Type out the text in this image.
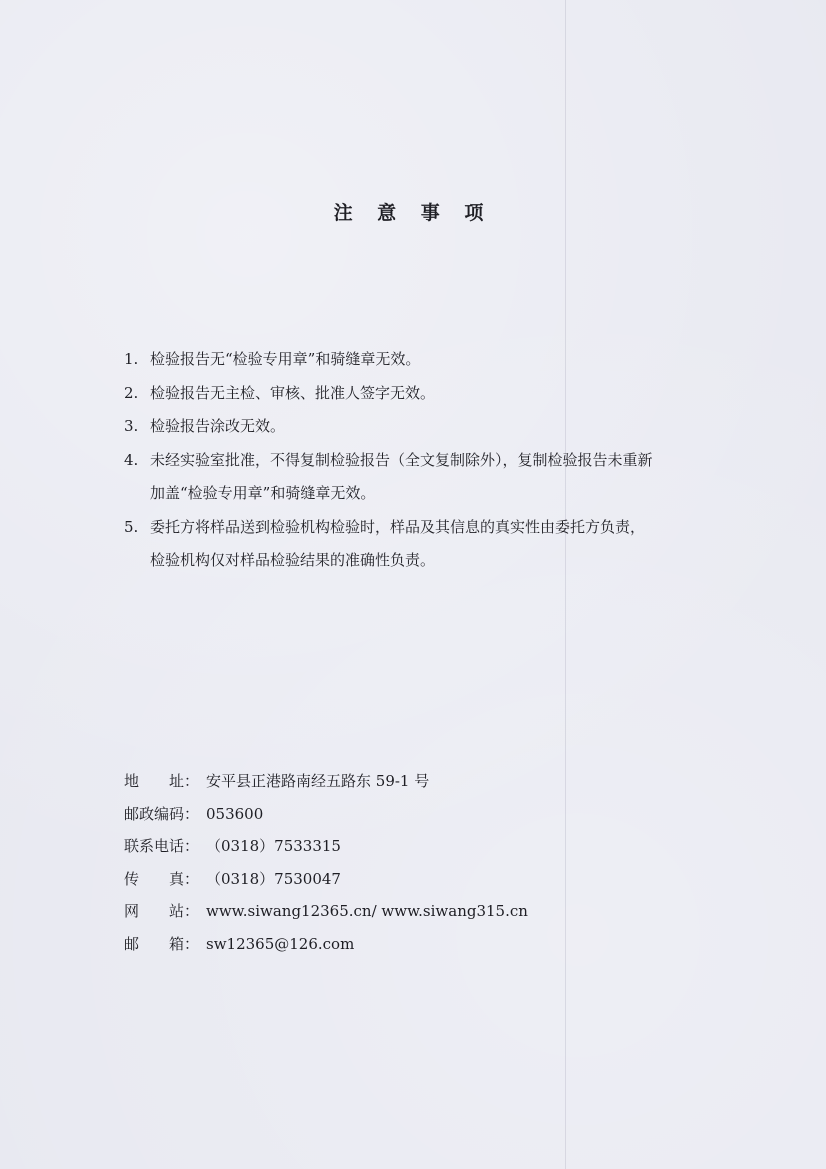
注 意 事 项
1. 检验报告无“检验专用章”和骑缝章无效。
2. 检验报告无主检、审核、批准人签字无效。
3. 检验报告涂改无效。
4. 未经实验室批准，不得复制检验报告（全文复制除外），复制检验报告未重新
加盖“检验专用章”和骑缝章无效。
5. 委托方将样品送到检验机构检验时，样品及其信息的真实性由委托方负责，
检验机构仅对样品检验结果的准确性负责。
地　　址： 安平县正港路南经五路东 59-1 号
邮政编码： 053600
联系电话： （0318）7533315
传　　真： （0318）7530047
网　　站： www.siwang12365.cn/ www.siwang315.cn
邮　　箱： sw12365@126.com
